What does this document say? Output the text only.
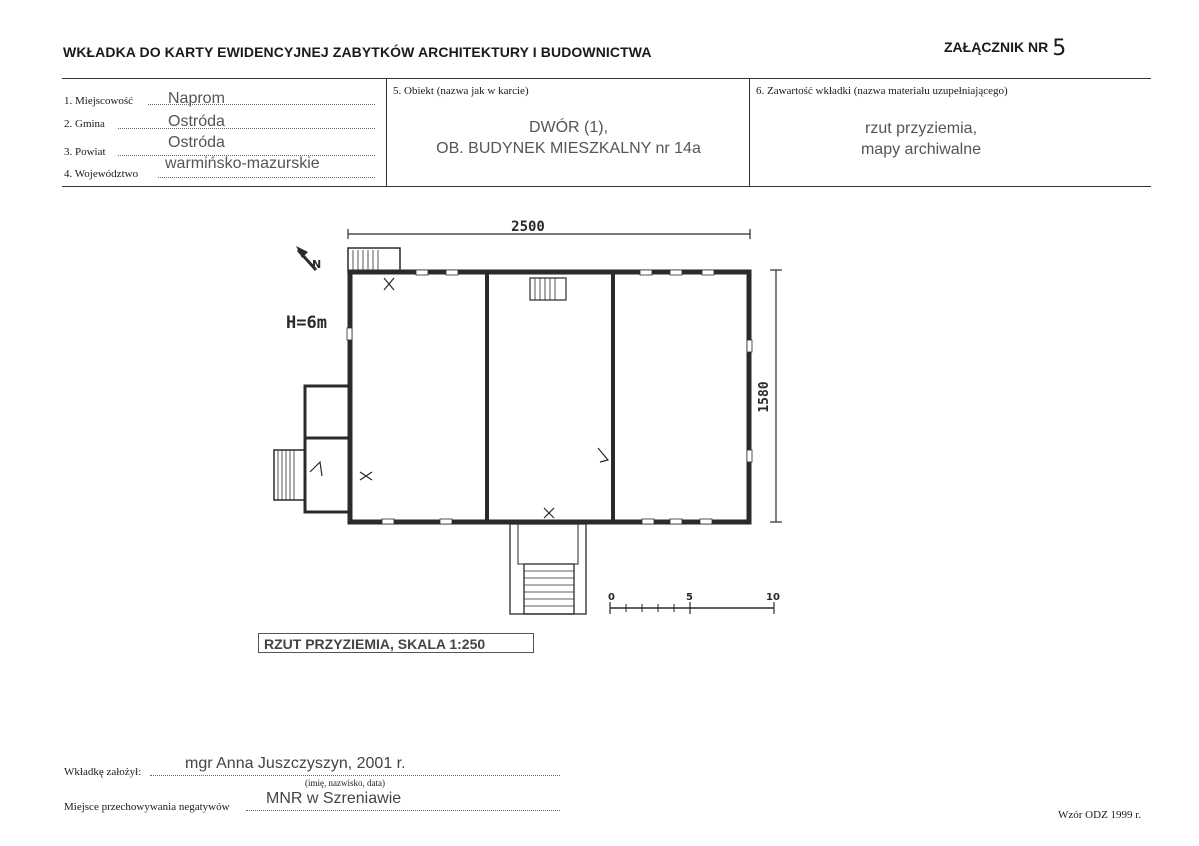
WKŁADKA DO KARTY EWIDENCYJNEJ ZABYTKÓW ARCHITEKTURY I BUDOWNICTWA	ZAŁĄCZNIK NR 5
1. Miejscowość Naprom
2. Gmina	Ostróda
3. Powiat
Ostróda
4. Województwo
warmińsko-mazurskie
5. Obiekt (nazwa jak w karcie)
DWÓR (1),
OB. BUDYNEK MIESZKALNY nr 14a
6. Zawartość wkładki (nazwa materiału uzupełniającego)
rzut przyziemia,
mapy archiwalne
2500
1580
H=6m
N
0	5	10
RZUT PRZYZIEMIA, SKALA 1:250
Wkładkę założył:	mgr Anna Juszczyszyn, 2001 r.
(imię, nazwisko, data)
Miejsce przechowywania negatywów MNR w Szreniawie
Wzór ODZ 1999 r.
